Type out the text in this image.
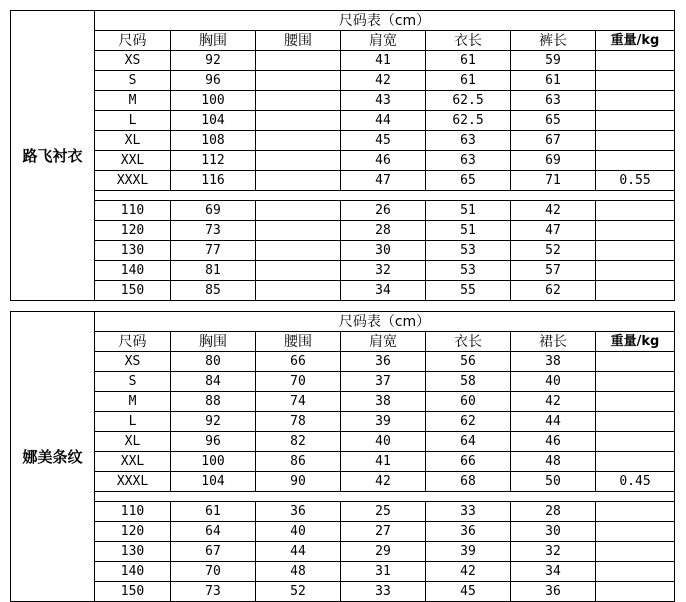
路飞衬衣	尺码表（cm）						
	尺码	胸围	腰围	肩宽	衣长	裤长	重量/kg
	XS	92		41	61	59	
	S	96		42	61	61	
	M	100		43	62.5	63	
	L	104		44	62.5	65	
	XL	108		45	63	67	
	XXL	112		46	63	69	
	XXXL	116		47	65	71	0.55

	110	69		26	51	42	
	120	73		28	51	47	
	130	77		30	53	52	
	140	81		32	53	57	
	150	85		34	55	62	
娜美条纹	尺码表（cm）						
	尺码	胸围	腰围	肩宽	衣长	裙长	重量/kg
	XS	80	66	36	56	38	
	S	84	70	37	58	40	
	M	88	74	38	60	42	
	L	92	78	39	62	44	
	XL	96	82	40	64	46	
	XXL	100	86	41	66	48	
	XXXL	104	90	42	68	50	0.45

	110	61	36	25	33	28	
	120	64	40	27	36	30	
	130	67	44	29	39	32	
	140	70	48	31	42	34	
	150	73	52	33	45	36	
